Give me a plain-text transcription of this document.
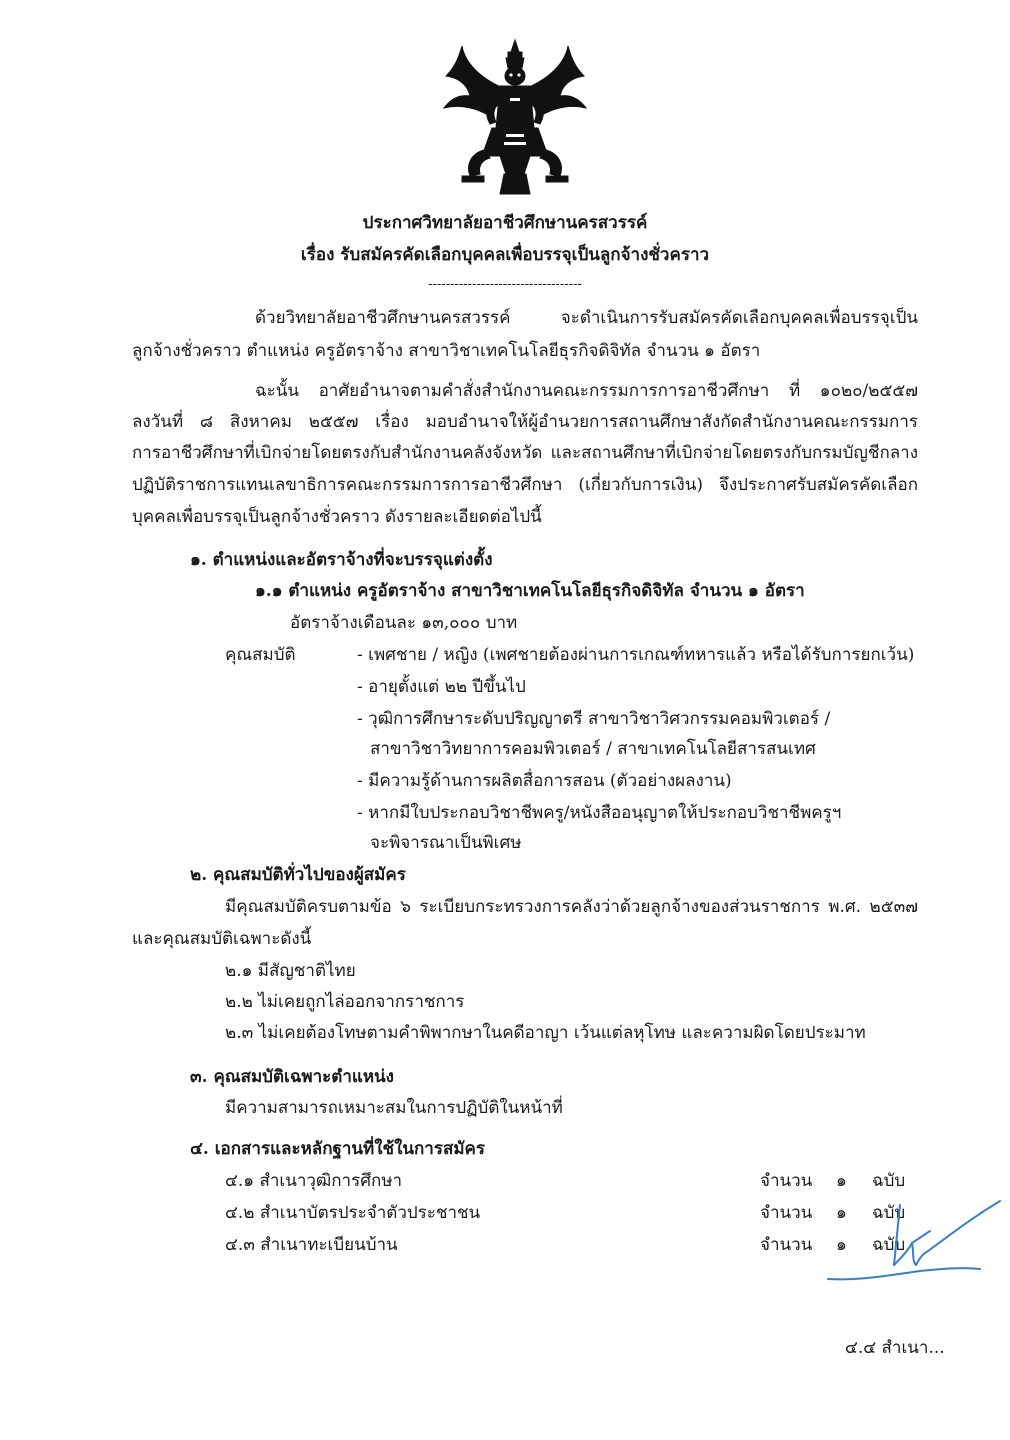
ประกาศวิทยาลัยอาชีวศึกษานครสวรรค์
เรื่อง รับสมัครคัดเลือกบุคคลเพื่อบรรจุเป็นลูกจ้างชั่วคราว
-----------------------------------
ด้วยวิทยาลัยอาชีวศึกษานครสวรรค์ จะดำเนินการรับสมัครคัดเลือกบุคคลเพื่อบรรจุเป็น
ลูกจ้างชั่วคราว ตำแหน่ง ครูอัตราจ้าง สาขาวิชาเทคโนโลยีธุรกิจดิจิทัล จำนวน ๑ อัตรา
ฉะนั้น อาศัยอำนาจตามคำสั่งสำนักงานคณะกรรมการการอาชีวศึกษา ที่ ๑๐๒๐/๒๕๕๗
ลงวันที่ ๘ สิงหาคม ๒๕๕๗ เรื่อง มอบอำนาจให้ผู้อำนวยการสถานศึกษาสังกัดสำนักงานคณะกรรมการ
การอาชีวศึกษาที่เบิกจ่ายโดยตรงกับสำนักงานคลังจังหวัด และสถานศึกษาที่เบิกจ่ายโดยตรงกับกรมบัญชีกลาง
ปฏิบัติราชการแทนเลขาธิการคณะกรรมการการอาชีวศึกษา (เกี่ยวกับการเงิน) จึงประกาศรับสมัครคัดเลือก
บุคคลเพื่อบรรจุเป็นลูกจ้างชั่วคราว ดังรายละเอียดต่อไปนี้
๑. ตำแหน่งและอัตราจ้างที่จะบรรจุแต่งตั้ง
๑.๑ ตำแหน่ง ครูอัตราจ้าง สาขาวิชาเทคโนโลยีธุรกิจดิจิทัล จำนวน ๑ อัตรา
อัตราจ้างเดือนละ ๑๓,๐๐๐ บาท
คุณสมบัติ	- เพศชาย / หญิง (เพศชายต้องผ่านการเกณฑ์ทหารแล้ว หรือได้รับการยกเว้น)
- อายุตั้งแต่ ๒๒ ปีขึ้นไป
- วุฒิการศึกษาระดับปริญญาตรี สาขาวิชาวิศวกรรมคอมพิวเตอร์ /
สาขาวิชาวิทยาการคอมพิวเตอร์ / สาขาเทคโนโลยีสารสนเทศ
- มีความรู้ด้านการผลิตสื่อการสอน (ตัวอย่างผลงาน)
- หากมีใบประกอบวิชาชีพครู/หนังสืออนุญาตให้ประกอบวิชาชีพครูฯ
จะพิจารณาเป็นพิเศษ
๒. คุณสมบัติทั่วไปของผู้สมัคร
มีคุณสมบัติครบตามข้อ ๖ ระเบียบกระทรวงการคลังว่าด้วยลูกจ้างของส่วนราชการ พ.ศ. ๒๕๓๗
และคุณสมบัติเฉพาะดังนี้
๒.๑ มีสัญชาติไทย
๒.๒ ไม่เคยถูกไล่ออกจากราชการ
๒.๓ ไม่เคยต้องโทษตามคำพิพากษาในคดีอาญา เว้นแต่ลหุโทษ และความผิดโดยประมาท
๓. คุณสมบัติเฉพาะตำแหน่ง
มีความสามารถเหมาะสมในการปฏิบัติในหน้าที่
๔. เอกสารและหลักฐานที่ใช้ในการสมัคร
๔.๑ สำเนาวุฒิการศึกษา	จำนวน ๑ ฉบับ
๔.๒ สำเนาบัตรประจำตัวประชาชน	จำนวน ๑ ฉบับ
๔.๓ สำเนาทะเบียนบ้าน	จำนวน ๑ ฉบับ
๔.๔ สำเนา...
